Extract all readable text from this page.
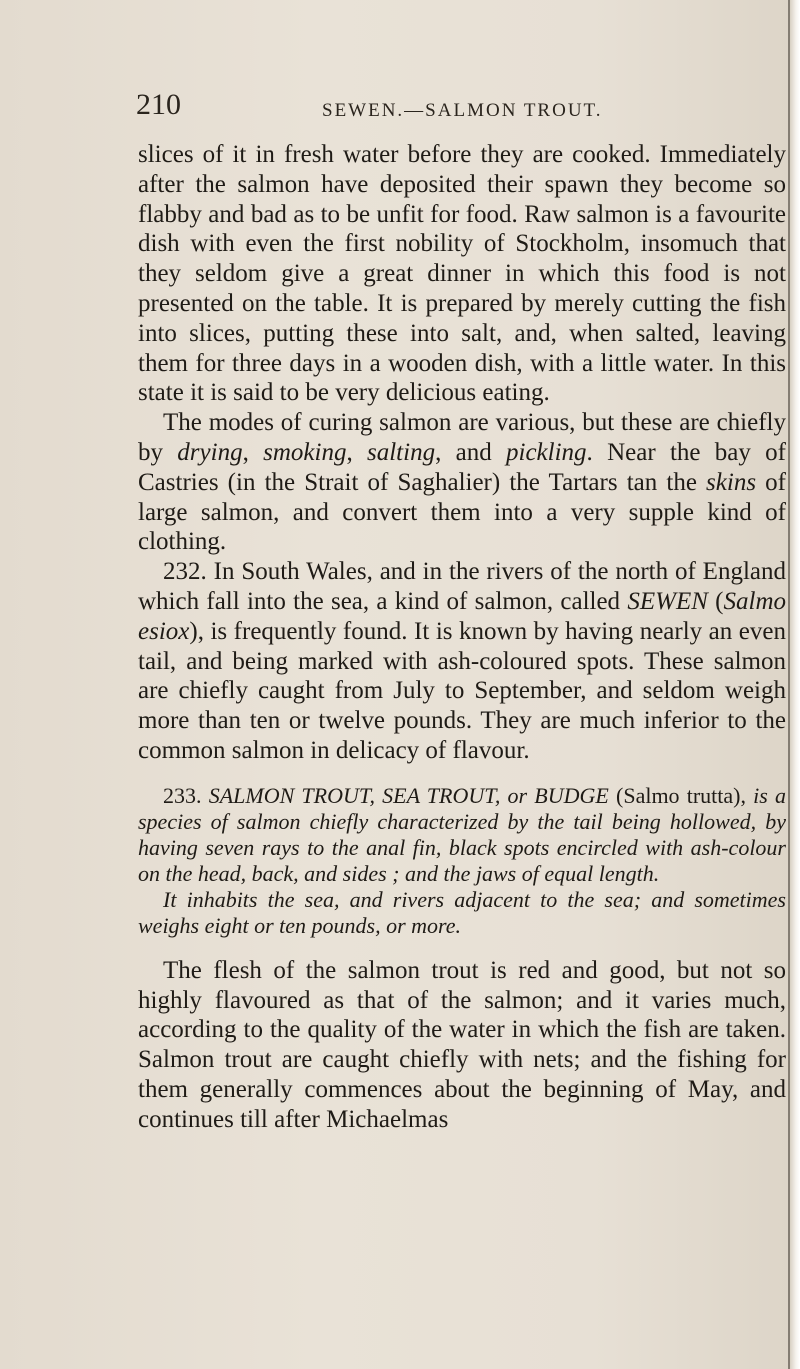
210	SEWEN.—SALMON TROUT.

slices of it in fresh water before they are cooked. Immediately after the salmon have deposited their spawn they become so flabby and bad as to be unfit for food. Raw salmon is a favourite dish with even the first nobility of Stockholm, insomuch that they seldom give a great dinner in which this food is not presented on the table. It is prepared by merely cutting the fish into slices, putting these into salt, and, when salted, leaving them for three days in a wooden dish, with a little water. In this state it is said to be very delicious eating.

The modes of curing salmon are various, but these are chiefly by drying, smoking, salting, and pickling. Near the bay of Castries (in the Strait of Saghalier) the Tartars tan the skins of large salmon, and convert them into a very supple kind of clothing.

232. In South Wales, and in the rivers of the north of England which fall into the sea, a kind of salmon, called SEWEN (Salmo esiox), is frequently found. It is known by having nearly an even tail, and being marked with ash-coloured spots. These salmon are chiefly caught from July to September, and seldom weigh more than ten or twelve pounds. They are much inferior to the common salmon in delicacy of flavour.

233. SALMON TROUT, SEA TROUT, or BUDGE (Salmo trutta), is a species of salmon chiefly characterized by the tail being hollowed, by having seven rays to the anal fin, black spots encircled with ash-colour on the head, back, and sides ; and the jaws of equal length.

It inhabits the sea, and rivers adjacent to the sea; and sometimes weighs eight or ten pounds, or more.

The flesh of the salmon trout is red and good, but not so highly flavoured as that of the salmon; and it varies much, according to the quality of the water in which the fish are taken. Salmon trout are caught chiefly with nets; and the fishing for them generally commences about the beginning of May, and continues till after Michaelmas
